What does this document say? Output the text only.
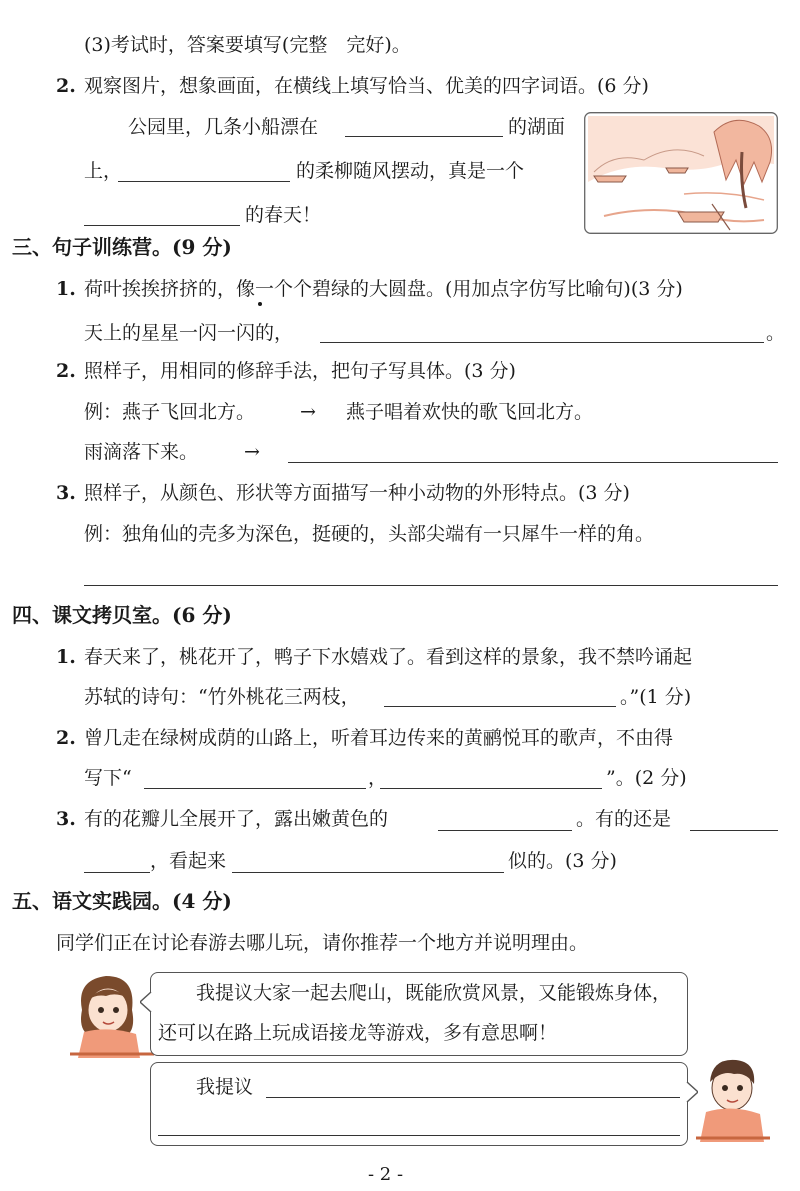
(3)考试时，答案要填写(完整　完好)。
2. 观察图片，想象画面，在横线上填写恰当、优美的四字词语。(6 分)
公园里，几条小船漂在	的湖面
上，	的柔柳随风摆动，真是一个
的春天！
三、句子训练营。(9 分)
1. 荷叶挨挨挤挤的，像一个个碧绿的大圆盘。(用加点字仿写比喻句)(3 分)
天上的星星一闪一闪的，	。
2. 照样子，用相同的修辞手法，把句子写具体。(3 分)
例：燕子飞回北方。 → 燕子唱着欢快的歌飞回北方。
雨滴落下来。 →
3. 照样子，从颜色、形状等方面描写一种小动物的外形特点。(3 分)
例：独角仙的壳多为深色，挺硬的，头部尖端有一只犀牛一样的角。
四、课文拷贝室。(6 分)
1. 春天来了，桃花开了，鸭子下水嬉戏了。看到这样的景象，我不禁吟诵起
苏轼的诗句：“竹外桃花三两枝，	。”(1 分)
2. 曾几走在绿树成荫的山路上，听着耳边传来的黄鹂悦耳的歌声，不由得
写下“	，	”。(2 分)
3. 有的花瓣儿全展开了，露出嫩黄色的	。有的还是
，看起来	似的。(3 分)
五、语文实践园。(4 分)
同学们正在讨论春游去哪儿玩，请你推荐一个地方并说明理由。
我提议大家一起去爬山，既能欣赏风景，又能锻炼身体，
还可以在路上玩成语接龙等游戏，多有意思啊！
我提议
- 2 -
